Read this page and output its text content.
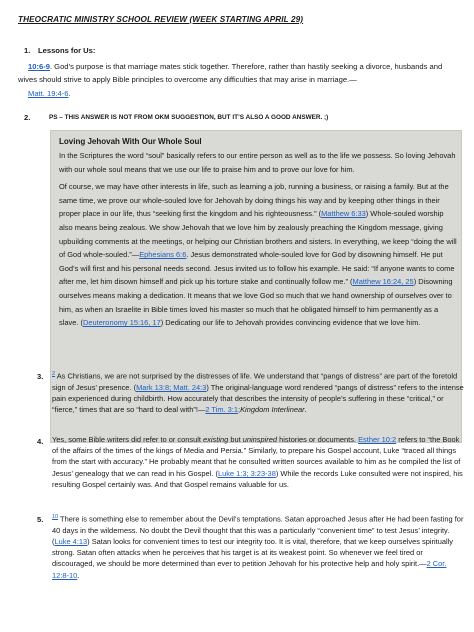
THEOCRATIC MINISTRY SCHOOL REVIEW (WEEK STARTING APRIL 29)
1. Lessons for Us:
10:6-9. God’s purpose is that marriage mates stick together. Therefore, rather than hastily seeking a divorce, husbands and wives should strive to apply Bible principles to overcome any difficulties that may arise in marriage.—
Matt. 19:4-6.
2.	PS – THIS ANSWER IS NOT FROM OKM SUGGESTION, BUT IT’S ALSO A GOOD ANSWER. ;)
Loving Jehovah With Our Whole Soul

In the Scriptures the word “soul” basically refers to our entire person as well as to the life we possess. So loving Jehovah with our whole soul means that we use our life to praise him and to prove our love for him.

Of course, we may have other interests in life, such as learning a job, running a business, or raising a family. But at the same time, we prove our whole-souled love for Jehovah by doing things his way and by keeping other things in their proper place in our life, thus “seeking first the kingdom and his righteousness.” (Matthew 6:33) Whole-souled worship also means being zealous. We show Jehovah that we love him by zealously preaching the Kingdom message, giving upbuilding comments at the meetings, or helping our Christian brothers and sisters. In everything, we keep “doing the will of God whole-souled.”—Ephesians 6:6. Jesus demonstrated whole-souled love for God by disowning himself. He put God’s will first and his personal needs second. Jesus invited us to follow his example. He said: “If anyone wants to come after me, let him disown himself and pick up his torture stake and continually follow me.” (Matthew 16:24, 25) Disowning ourselves means making a dedication. It means that we love God so much that we hand ownership of ourselves over to him, as when an Israelite in Bible times loved his master so much that he obligated himself to him permanently as a slave. (Deuteronomy 15:16, 17) Dedicating our life to Jehovah provides convincing evidence that we love him.

3. $^2$ As Christians, we are not surprised by the distresses of life. We understand that “pangs of distress” are part of the foretold sign of Jesus’ presence. (Mark 13:8; Matt. 24:3) The original-language word rendered “pangs of distress” refers to the intense pain experienced during childbirth. How accurately that describes the intensity of people’s suffering in these “critical,” or “fierce,” times that are so “hard to deal with”!—2 Tim. 3:1;Kingdom Interlinear.
4. Yes, some Bible writers did refer to or consult existing but uninspired histories or documents. Esther 10:2 refers to “the Book of the affairs of the times of the kings of Media and Persia.” Similarly, to prepare his Gospel account, Luke “traced all things from the start with accuracy.” He probably meant that he consulted written sources available to him as he compiled the list of Jesus’ genealogy that we can read in his Gospel. (Luke 1:3; 3:23-38) While the records Luke consulted were not inspired, his resulting Gospel certainly was. And that Gospel remains valuable for us.
5. $^{10}$ There is something else to remember about the Devil’s temptations. Satan approached Jesus after He had been fasting for 40 days in the wilderness. No doubt the Devil thought that this was a particularly “convenient time” to test Jesus’ integrity. (Luke 4:13) Satan looks for convenient times to test our integrity too. It is vital, therefore, that we keep ourselves spiritually strong. Satan often attacks when he perceives that his target is at its weakest point. So whenever we feel tired or discouraged, we should be more determined than ever to petition Jehovah for his protective help and holy spirit.—2 Cor. 12:8-10.
